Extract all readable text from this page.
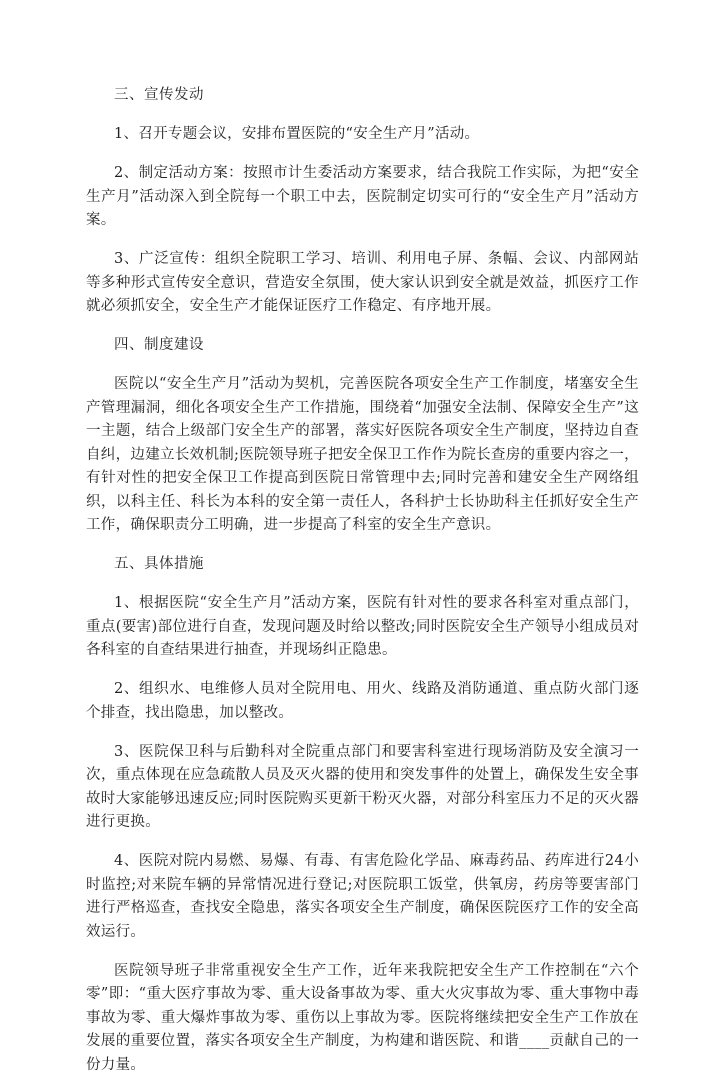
三、宣传发动

1、召开专题会议，安排布置医院的“安全生产月”活动。

2、制定活动方案：按照市计生委活动方案要求，结合我院工作实际，为把“安全生产月”活动深入到全院每一个职工中去，医院制定切实可行的“安全生产月”活动方案。

3、广泛宣传：组织全院职工学习、培训、利用电子屏、条幅、会议、内部网站等多种形式宣传安全意识，营造安全氛围，使大家认识到安全就是效益，抓医疗工作就必须抓安全，安全生产才能保证医疗工作稳定、有序地开展。

四、制度建设

医院以“安全生产月”活动为契机，完善医院各项安全生产工作制度，堵塞安全生产管理漏洞，细化各项安全生产工作措施，围绕着“加强安全法制、保障安全生产”这一主题，结合上级部门安全生产的部署，落实好医院各项安全生产制度，坚持边自查自纠，边建立长效机制;医院领导班子把安全保卫工作作为院长查房的重要内容之一，有针对性的把安全保卫工作提高到医院日常管理中去;同时完善和建安全生产网络组织，以科主任、科长为本科的安全第一责任人，各科护士长协助科主任抓好安全生产工作，确保职责分工明确，进一步提高了科室的安全生产意识。

五、具体措施

1、根据医院“安全生产月”活动方案，医院有针对性的要求各科室对重点部门，重点(要害)部位进行自查，发现问题及时给以整改;同时医院安全生产领导小组成员对各科室的自查结果进行抽查，并现场纠正隐患。

2、组织水、电维修人员对全院用电、用火、线路及消防通道、重点防火部门逐个排查，找出隐患，加以整改。

3、医院保卫科与后勤科对全院重点部门和要害科室进行现场消防及安全演习一次，重点体现在应急疏散人员及灭火器的使用和突发事件的处置上，确保发生安全事故时大家能够迅速反应;同时医院购买更新干粉灭火器，对部分科室压力不足的灭火器进行更换。

4、医院对院内易燃、易爆、有毒、有害危险化学品、麻毒药品、药库进行24小时监控;对来院车辆的异常情况进行登记;对医院职工饭堂，供氧房，药房等要害部门进行严格巡查，查找安全隐患，落实各项安全生产制度，确保医院医疗工作的安全高效运行。

医院领导班子非常重视安全生产工作，近年来我院把安全生产工作控制在“六个零”即：“重大医疗事故为零、重大设备事故为零、重大火灾事故为零、重大事物中毒事故为零、重大爆炸事故为零、重伤以上事故为零。医院将继续把安全生产工作放在发展的重要位置，落实各项安全生产制度，为构建和谐医院、和谐____贡献自己的一份力量。
